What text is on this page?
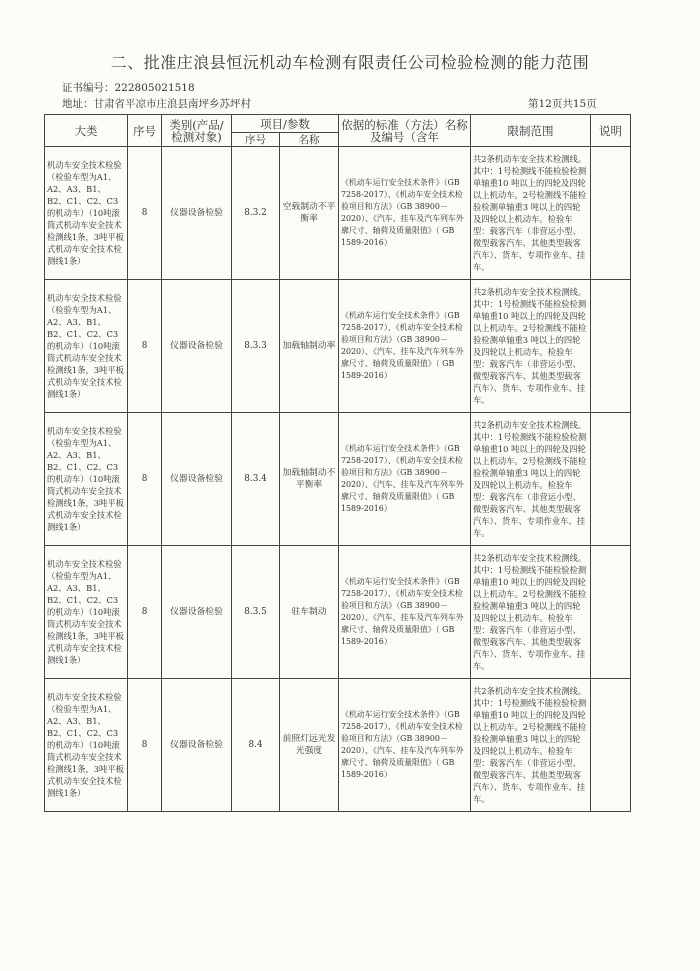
二、批准庄浪县恒沅机动车检测有限责任公司检验检测的能力范围
证书编号：222805021518
地址：甘肃省平凉市庄浪县南坪乡苏坪村	第12页共15页
大类	序号	类别(产品/检测对象)	项目/参数		依据的标准（方法）名称及编号（含年	限制范围	说明
			序号	名称			
机动车安全技术检验（检验车型为A1、A2、A3、B1、B2、C1、C2、C3的机动车）（10吨滚筒式机动车安全技术检测线1条，3吨平板式机动车安全技术检测线1条）	8	仪器设备检验	8.3.2	空载制动不平衡率	《机动车运行安全技术条件》（GB 7258-2017）、《机动车安全技术检验项目和方法》（GB 38900－2020）、《汽车、挂车及汽车列车外廓尺寸、轴荷及质量限值》（ GB 1589-2016）	共2条机动车安全技术检测线。其中：1号检测线不能检验检测单轴重10 吨以上的四轮及四轮以上机动车。2号检测线不能检验检测单轴重3 吨以上的四轮及四轮以上机动车。检验车型：载客汽车（非营运小型、微型载客汽车、其他类型载客汽车）、货车、专项作业车、挂车。	
机动车安全技术检验（检验车型为A1、A2、A3、B1、B2、C1、C2、C3的机动车）（10吨滚筒式机动车安全技术检测线1条，3吨平板式机动车安全技术检测线1条）	8	仪器设备检验	8.3.3	加载轴制动率	《机动车运行安全技术条件》（GB 7258-2017）、《机动车安全技术检验项目和方法》（GB 38900－2020）、《汽车、挂车及汽车列车外廓尺寸、轴荷及质量限值》（ GB 1589-2016）	共2条机动车安全技术检测线。其中：1号检测线不能检验检测单轴重10 吨以上的四轮及四轮以上机动车。2号检测线不能检验检测单轴重3 吨以上的四轮及四轮以上机动车。检验车型：载客汽车（非营运小型、微型载客汽车、其他类型载客汽车）、货车、专项作业车、挂车。	
机动车安全技术检验（检验车型为A1、A2、A3、B1、B2、C1、C2、C3的机动车）（10吨滚筒式机动车安全技术检测线1条，3吨平板式机动车安全技术检测线1条）	8	仪器设备检验	8.3.4	加载轴制动不平衡率	《机动车运行安全技术条件》（GB 7258-2017）、《机动车安全技术检验项目和方法》（GB 38900－2020）、《汽车、挂车及汽车列车外廓尺寸、轴荷及质量限值》（ GB 1589-2016）	共2条机动车安全技术检测线。其中：1号检测线不能检验检测单轴重10 吨以上的四轮及四轮以上机动车。2号检测线不能检验检测单轴重3 吨以上的四轮及四轮以上机动车。检验车型：载客汽车（非营运小型、微型载客汽车、其他类型载客汽车）、货车、专项作业车、挂车。	
机动车安全技术检验（检验车型为A1、A2、A3、B1、B2、C1、C2、C3的机动车）（10吨滚筒式机动车安全技术检测线1条，3吨平板式机动车安全技术检测线1条）	8	仪器设备检验	8.3.5	驻车制动	《机动车运行安全技术条件》（GB 7258-2017）、《机动车安全技术检验项目和方法》（GB 38900－2020）、《汽车、挂车及汽车列车外廓尺寸、轴荷及质量限值》（ GB 1589-2016）	共2条机动车安全技术检测线。其中：1号检测线不能检验检测单轴重10 吨以上的四轮及四轮以上机动车。2号检测线不能检验检测单轴重3 吨以上的四轮及四轮以上机动车。检验车型：载客汽车（非营运小型、微型载客汽车、其他类型载客汽车）、货车、专项作业车、挂车。	
机动车安全技术检验（检验车型为A1、A2、A3、B1、B2、C1、C2、C3的机动车）（10吨滚筒式机动车安全技术检测线1条，3吨平板式机动车安全技术检测线1条）	8	仪器设备检验	8.4	前照灯远光发光强度	《机动车运行安全技术条件》（GB 7258-2017）、《机动车安全技术检验项目和方法》（GB 38900－2020）、《汽车、挂车及汽车列车外廓尺寸、轴荷及质量限值》（ GB 1589-2016）	共2条机动车安全技术检测线。其中：1号检测线不能检验检测单轴重10 吨以上的四轮及四轮以上机动车。2号检测线不能检验检测单轴重3 吨以上的四轮及四轮以上机动车。检验车型：载客汽车（非营运小型、微型载客汽车、其他类型载客汽车）、货车、专项作业车、挂车。	
